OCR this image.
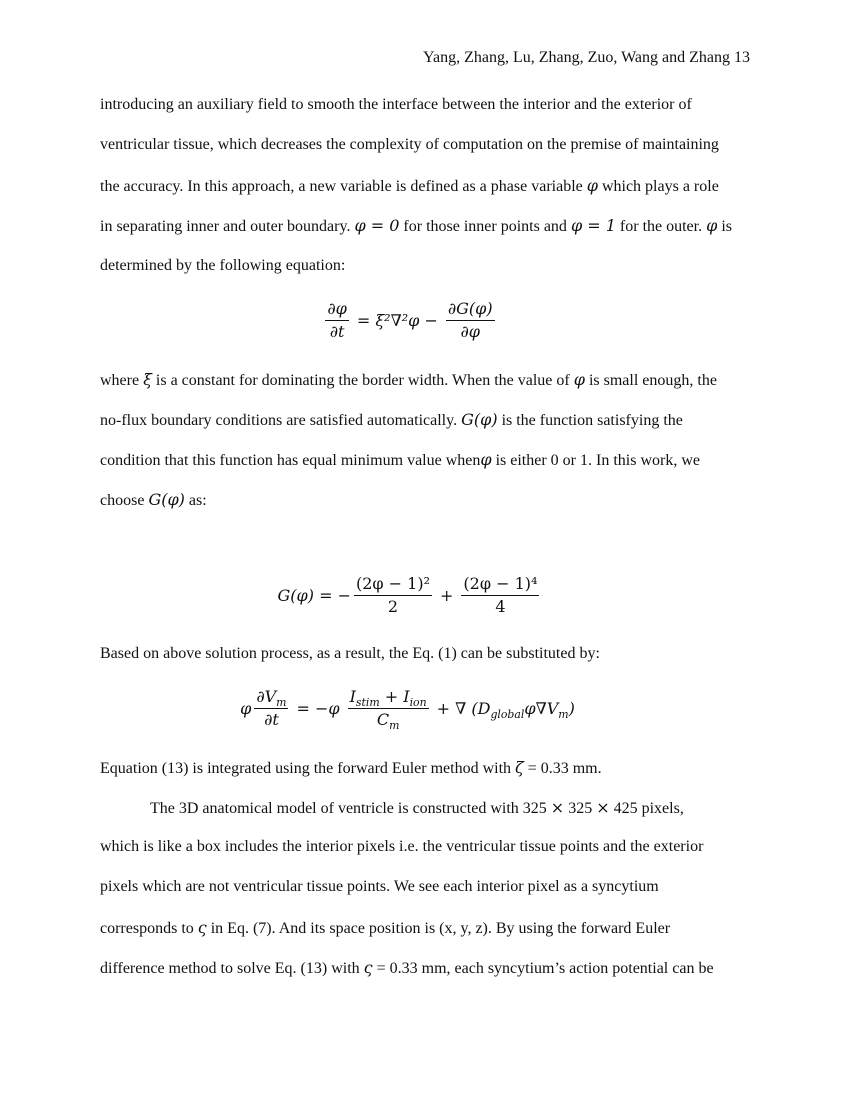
Yang, Zhang, Lu, Zhang, Zuo, Wang and Zhang 13
introducing an auxiliary field to smooth the interface between the interior and the exterior of
ventricular tissue, which decreases the complexity of computation on the premise of maintaining
the accuracy. In this approach, a new variable is defined as a phase variable φ which plays a role
in separating inner and outer boundary. φ = 0 for those inner points and φ = 1 for the outer. φ is
determined by the following equation:
$\frac{\partial\varphi}{\partial t} = \xi^2\nabla^2\varphi - \frac{\partial G(\varphi)}{\partial\varphi}$
where ξ is a constant for dominating the border width. When the value of φ is small enough, the
no-flux boundary conditions are satisfied automatically. G(φ) is the function satisfying the
condition that this function has equal minimum value whenφ is either 0 or 1. In this work, we
choose G(φ) as:
G(φ) = − $\frac{\text{(2φ − 1)²}}{2} + \frac{\text{(2φ − 1)⁴}}{4}$
Based on above solution process, as a result, the Eq. (1) can be substituted by:
φ $\frac{\partial V_m}{\partial t} = -\varphi \frac{I_{stim} + I_{ion}}{C_m}$ + ∇ $(D_{global}\varphi\nabla V_m)$
Equation (13) is integrated using the forward Euler method with ζ = 0.33 mm.
The 3D anatomical model of ventricle is constructed with 325 × 325 × 425 pixels,
which is like a box includes the interior pixels i.e. the ventricular tissue points and the exterior
pixels which are not ventricular tissue points. We see each interior pixel as a syncytium
corresponds to ς in Eq. (7). And its space position is (x, y, z). By using the forward Euler
difference method to solve Eq. (13) with ς = 0.33 mm, each syncytium’s action potential can be
